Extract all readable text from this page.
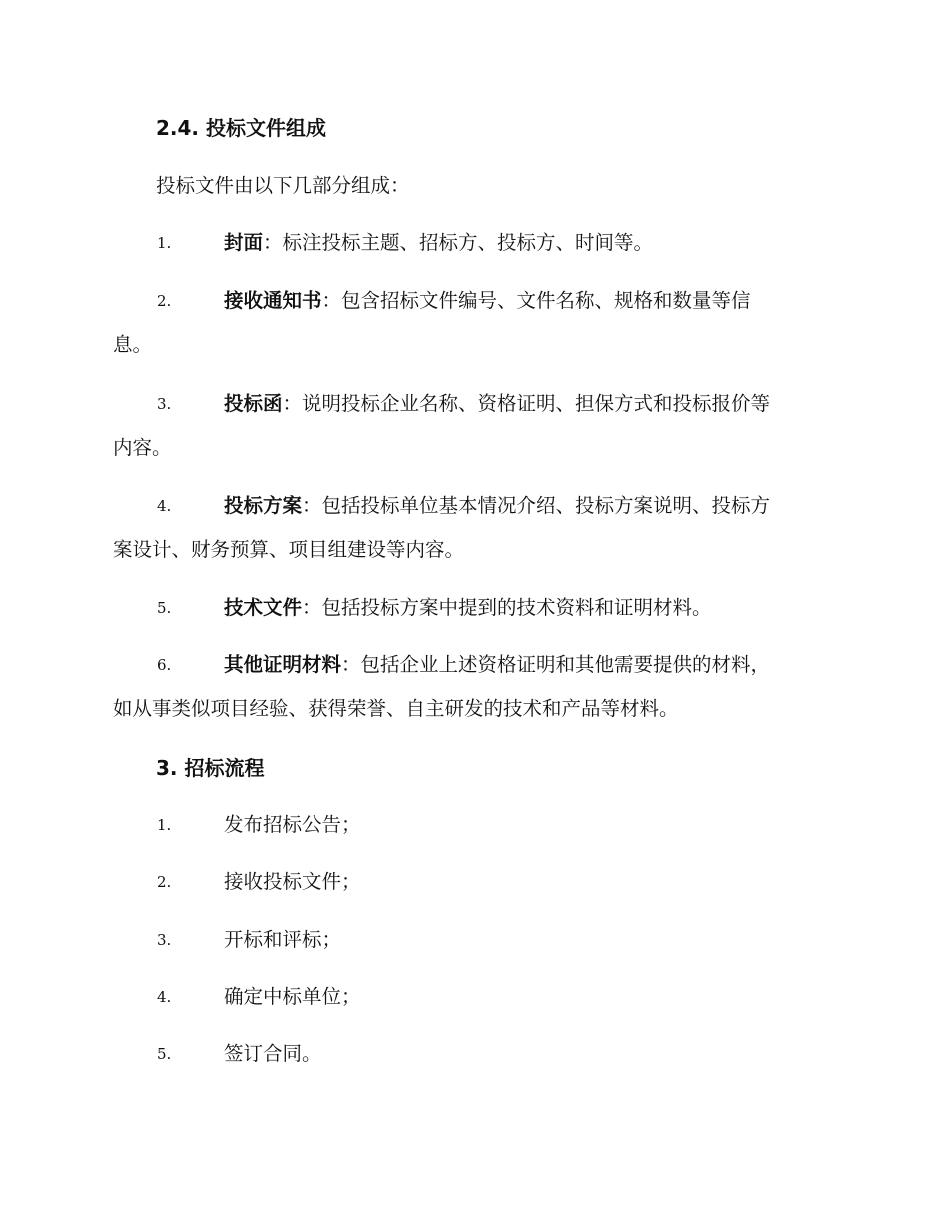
2.4. 投标文件组成
投标文件由以下几部分组成：
1.	封面：标注投标主题、招标方、投标方、时间等。
2.	接收通知书：包含招标文件编号、文件名称、规格和数量等信
息。
3.	投标函：说明投标企业名称、资格证明、担保方式和投标报价等
内容。
4.	投标方案：包括投标单位基本情况介绍、投标方案说明、投标方
案设计、财务预算、项目组建设等内容。
5.	技术文件：包括投标方案中提到的技术资料和证明材料。
6.	其他证明材料：包括企业上述资格证明和其他需要提供的材料，
如从事类似项目经验、获得荣誉、自主研发的技术和产品等材料。
3. 招标流程
1.	发布招标公告；
2.	接收投标文件；
3.	开标和评标；
4.	确定中标单位；
5.	签订合同。
